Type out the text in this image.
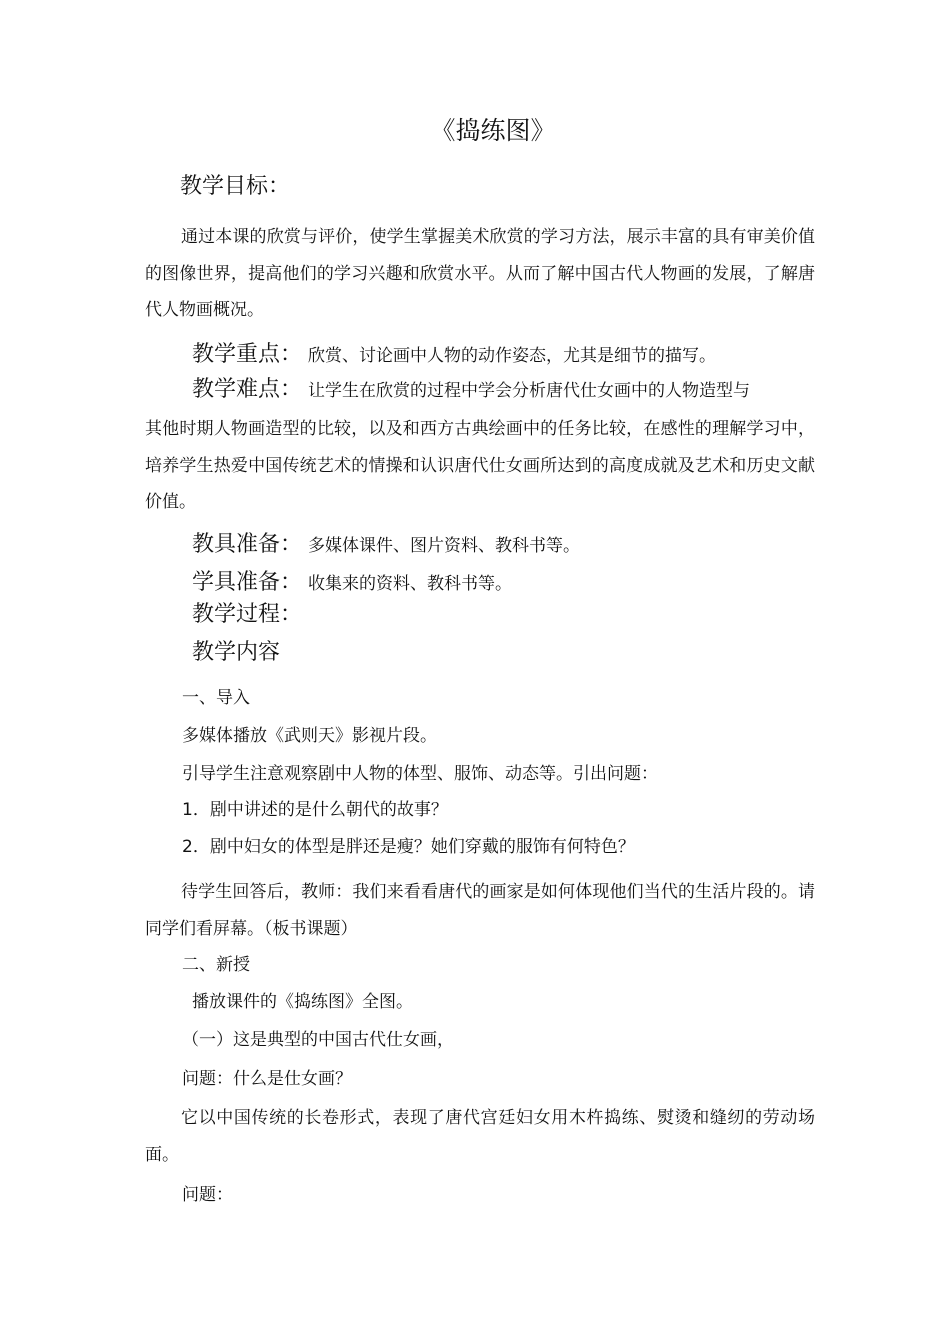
《捣练图》
教学目标：
通过本课的欣赏与评价，使学生掌握美术欣赏的学习方法，展示丰富的具有审美价值的图像世界，提高他们的学习兴趣和欣赏水平。从而了解中国古代人物画的发展，了解唐代人物画概况。
教学重点： 欣赏、讨论画中人物的动作姿态，尤其是细节的描写。
教学难点： 让学生在欣赏的过程中学会分析唐代仕女画中的人物造型与
其他时期人物画造型的比较，以及和西方古典绘画中的任务比较，在感性的理解学习中，培养学生热爱中国传统艺术的情操和认识唐代仕女画所达到的高度成就及艺术和历史文献价值。
教具准备： 多媒体课件、图片资料、教科书等。
学具准备： 收集来的资料、教科书等。
教学过程：
教学内容
一、导入
多媒体播放《武则天》影视片段。
引导学生注意观察剧中人物的体型、服饰、动态等。引出问题：
1．剧中讲述的是什么朝代的故事？
2．剧中妇女的体型是胖还是瘦？她们穿戴的服饰有何特色？
待学生回答后，教师：我们来看看唐代的画家是如何体现他们当代的生活片段的。请同学们看屏幕。（板书课题）
二、新授
播放课件的《捣练图》全图。
（一）这是典型的中国古代仕女画，
问题：什么是仕女画？
它以中国传统的长卷形式，表现了唐代宫廷妇女用木杵捣练、熨烫和缝纫的劳动场面。
问题：
